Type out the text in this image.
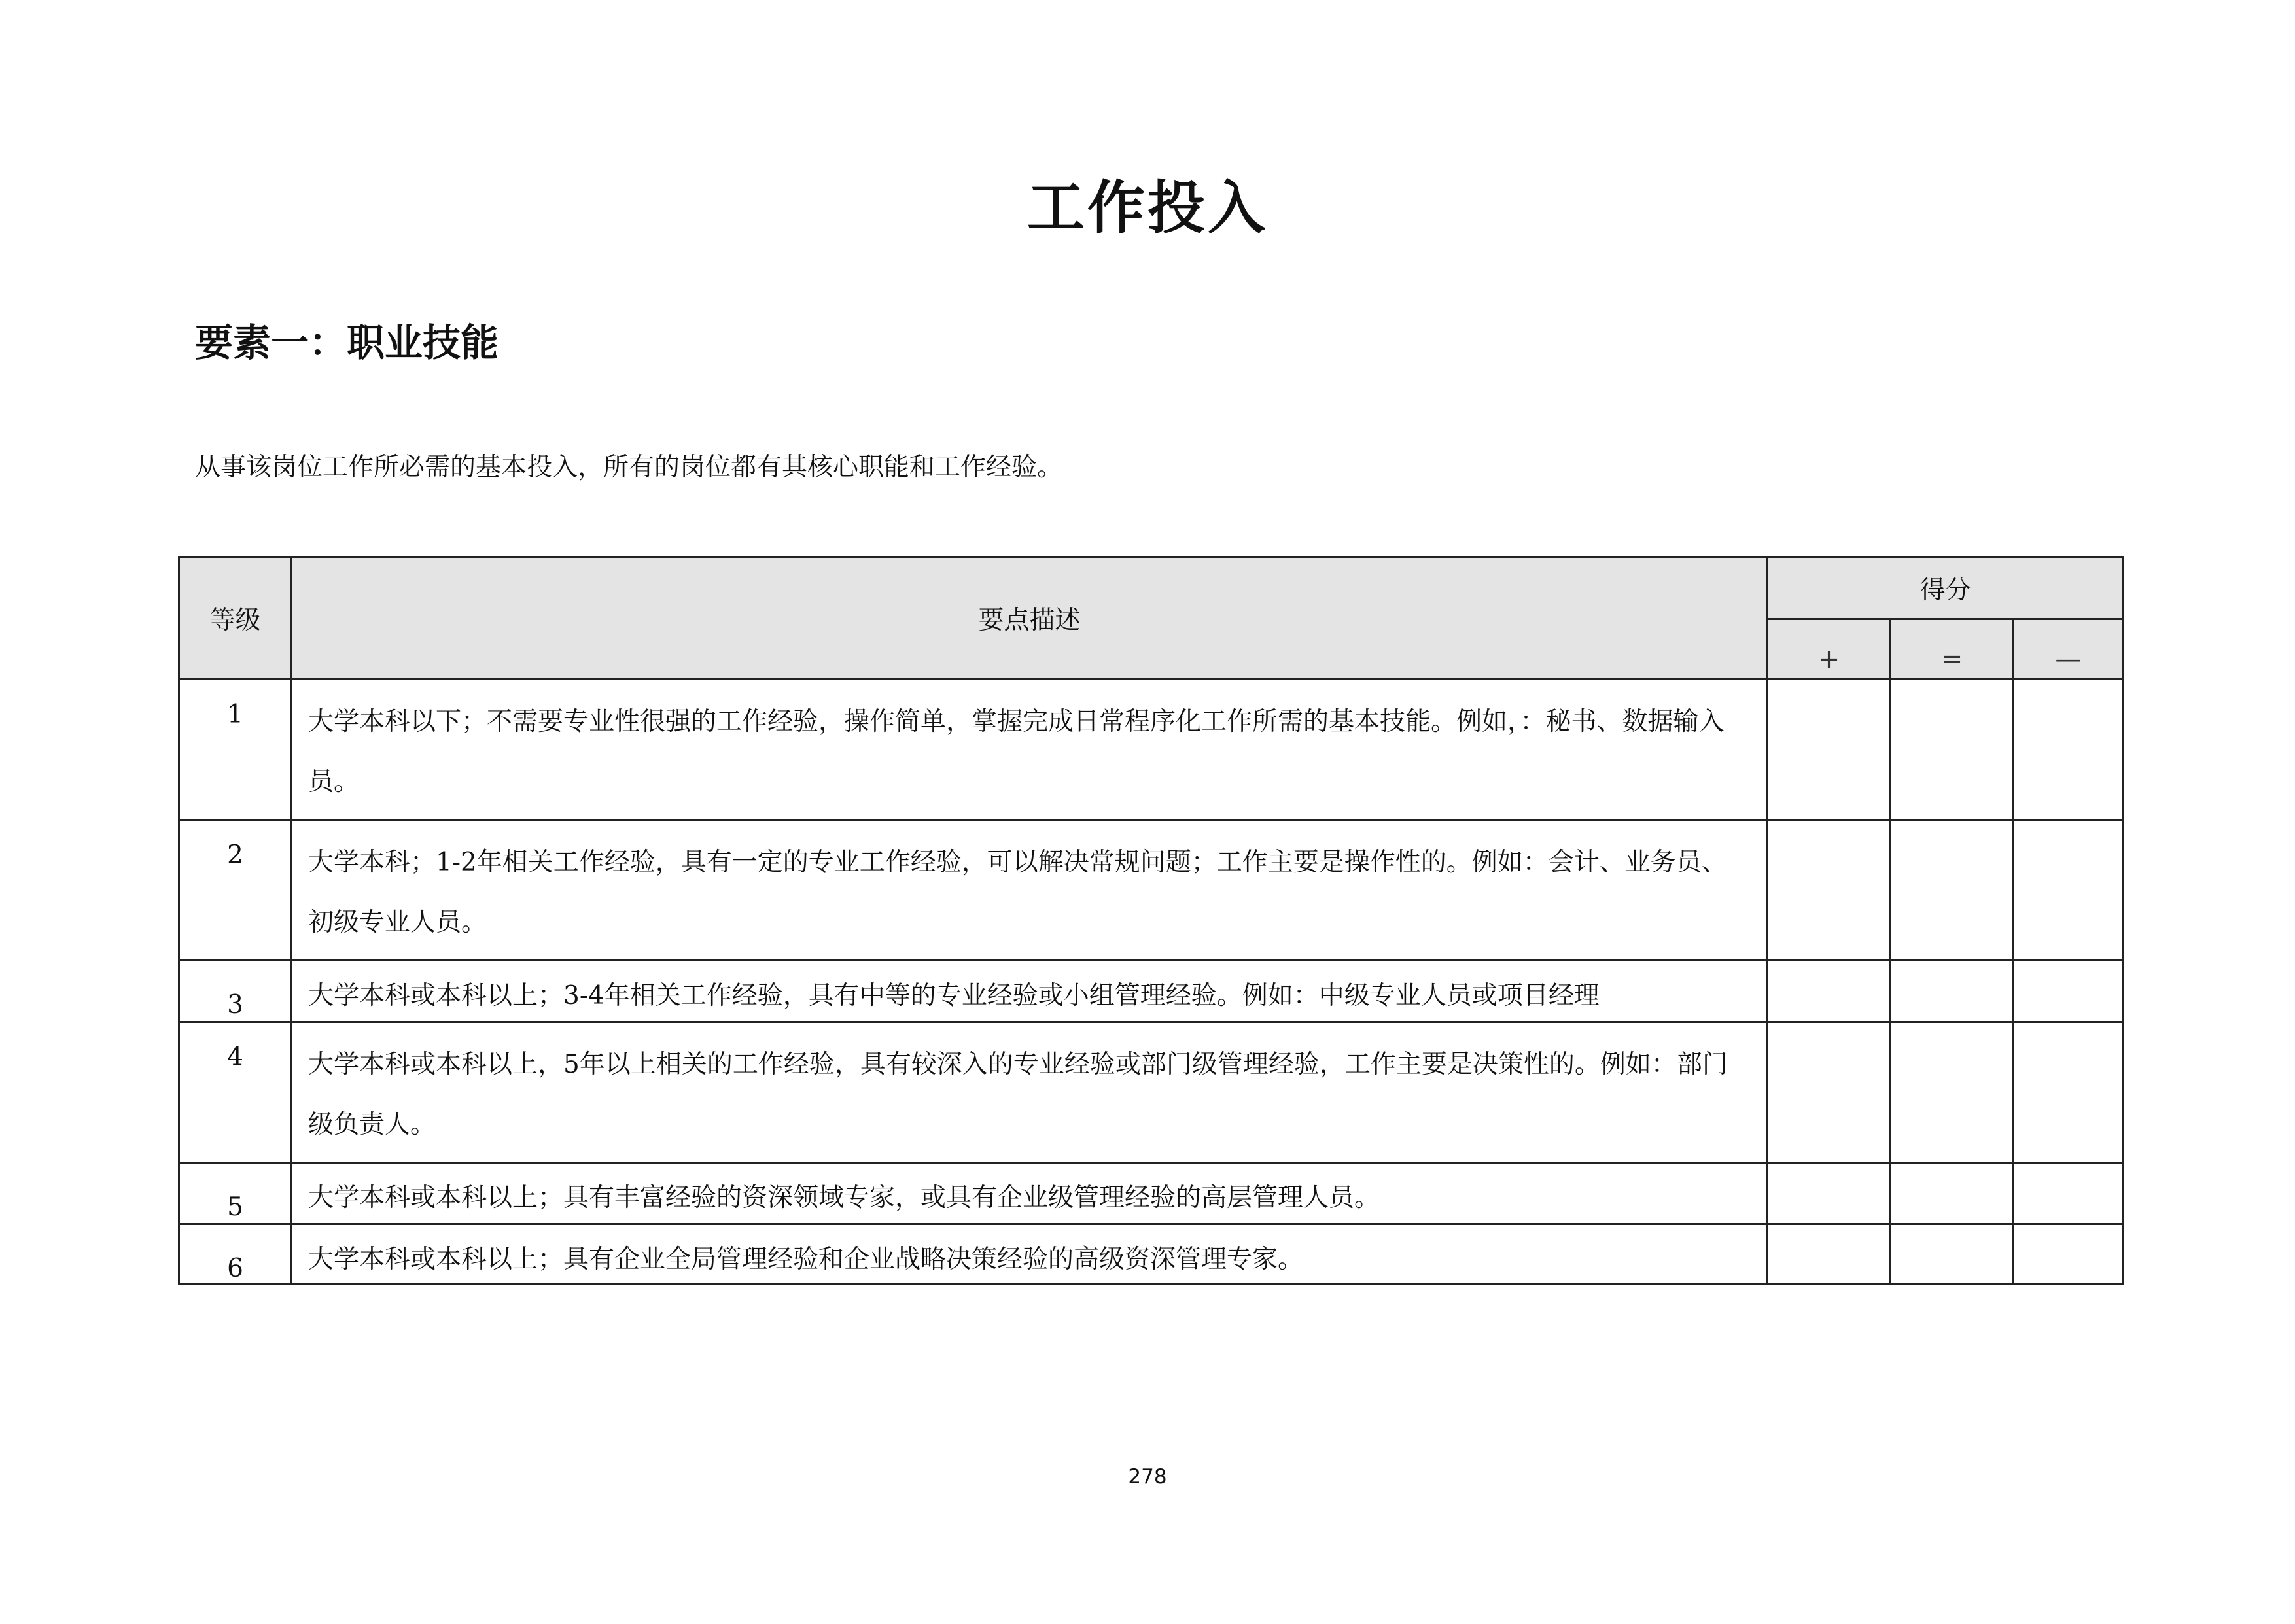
工作投入
要素一：职业技能
从事该岗位工作所必需的基本投入，所有的岗位都有其核心职能和工作经验。
等级	要点描述	得分		
		+	=	—
1	大学本科以下；不需要专业性很强的工作经验，操作简单，掌握完成日常程序化工作所需的基本技能。例如，：秘书、数据输入员。			
2	大学本科；1-2年相关工作经验，具有一定的专业工作经验，可以解决常规问题；工作主要是操作性的。例如：会计、业务员、初级专业人员。			
3	大学本科或本科以上；3-4年相关工作经验，具有中等的专业经验或小组管理经验。例如：中级专业人员或项目经理			
4	大学本科或本科以上，5年以上相关的工作经验，具有较深入的专业经验或部门级管理经验，工作主要是决策性的。例如：部门级负责人。			
5	大学本科或本科以上；具有丰富经验的资深领域专家，或具有企业级管理经验的高层管理人员。			
6	大学本科或本科以上；具有企业全局管理经验和企业战略决策经验的高级资深管理专家。			
278
